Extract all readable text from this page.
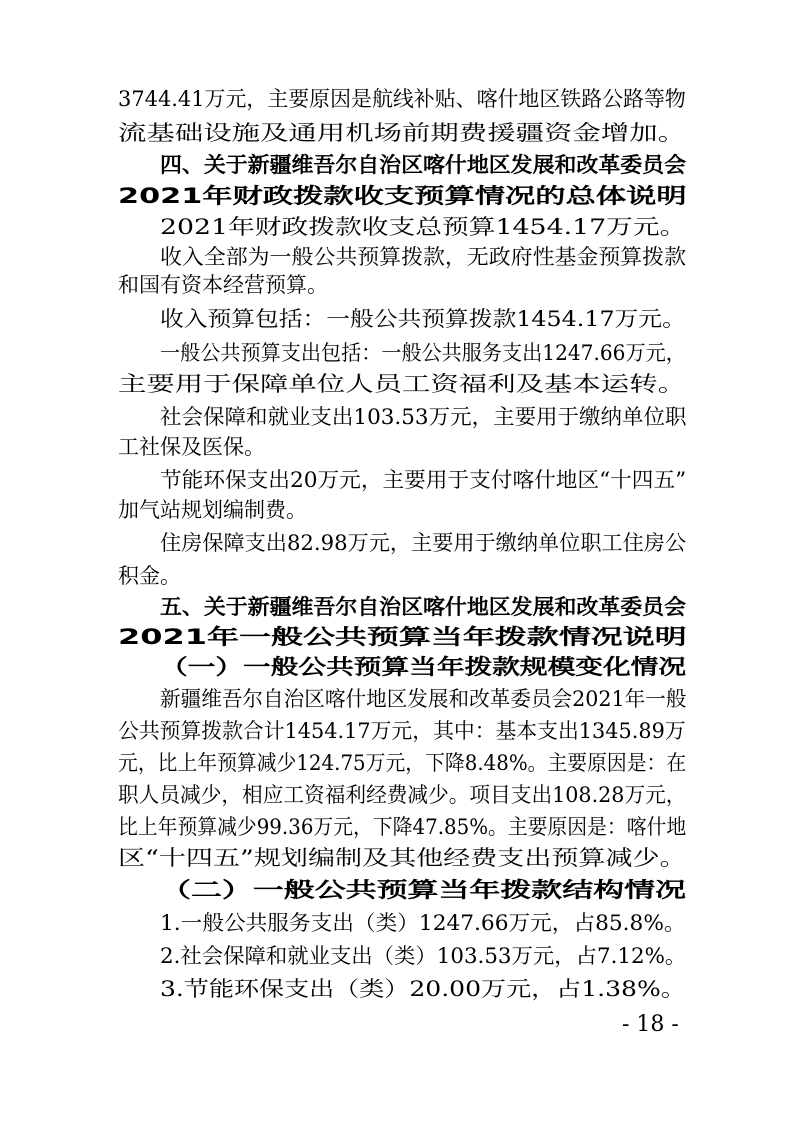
3744.41万元，主要原因是航线补贴、喀什地区铁路公路等物
流基础设施及通用机场前期费援疆资金增加。
四、关于新疆维吾尔自治区喀什地区发展和改革委员会
2021年财政拨款收支预算情况的总体说明
2021年财政拨款收支总预算1454.17万元。
收入全部为一般公共预算拨款，无政府性基金预算拨款
和国有资本经营预算。
收入预算包括：一般公共预算拨款1454.17万元。
一般公共预算支出包括：一般公共服务支出1247.66万元，
主要用于保障单位人员工资福利及基本运转。
社会保障和就业支出103.53万元，主要用于缴纳单位职
工社保及医保。
节能环保支出20万元，主要用于支付喀什地区“十四五”
加气站规划编制费。
住房保障支出82.98万元，主要用于缴纳单位职工住房公
积金。
五、关于新疆维吾尔自治区喀什地区发展和改革委员会
2021年一般公共预算当年拨款情况说明
（一）一般公共预算当年拨款规模变化情况
新疆维吾尔自治区喀什地区发展和改革委员会2021年一般
公共预算拨款合计1454.17万元，其中：基本支出1345.89万
元，比上年预算减少124.75万元，下降8.48%。主要原因是：在
职人员减少，相应工资福利经费减少。项目支出108.28万元，
比上年预算减少99.36万元，下降47.85%。主要原因是：喀什地
区“十四五”规划编制及其他经费支出预算减少。
（二）一般公共预算当年拨款结构情况
1.一般公共服务支出（类）1247.66万元，占85.8%。
2.社会保障和就业支出（类）103.53万元，占7.12%。
3.节能环保支出（类）20.00万元，占1.38%。
- 18 -
